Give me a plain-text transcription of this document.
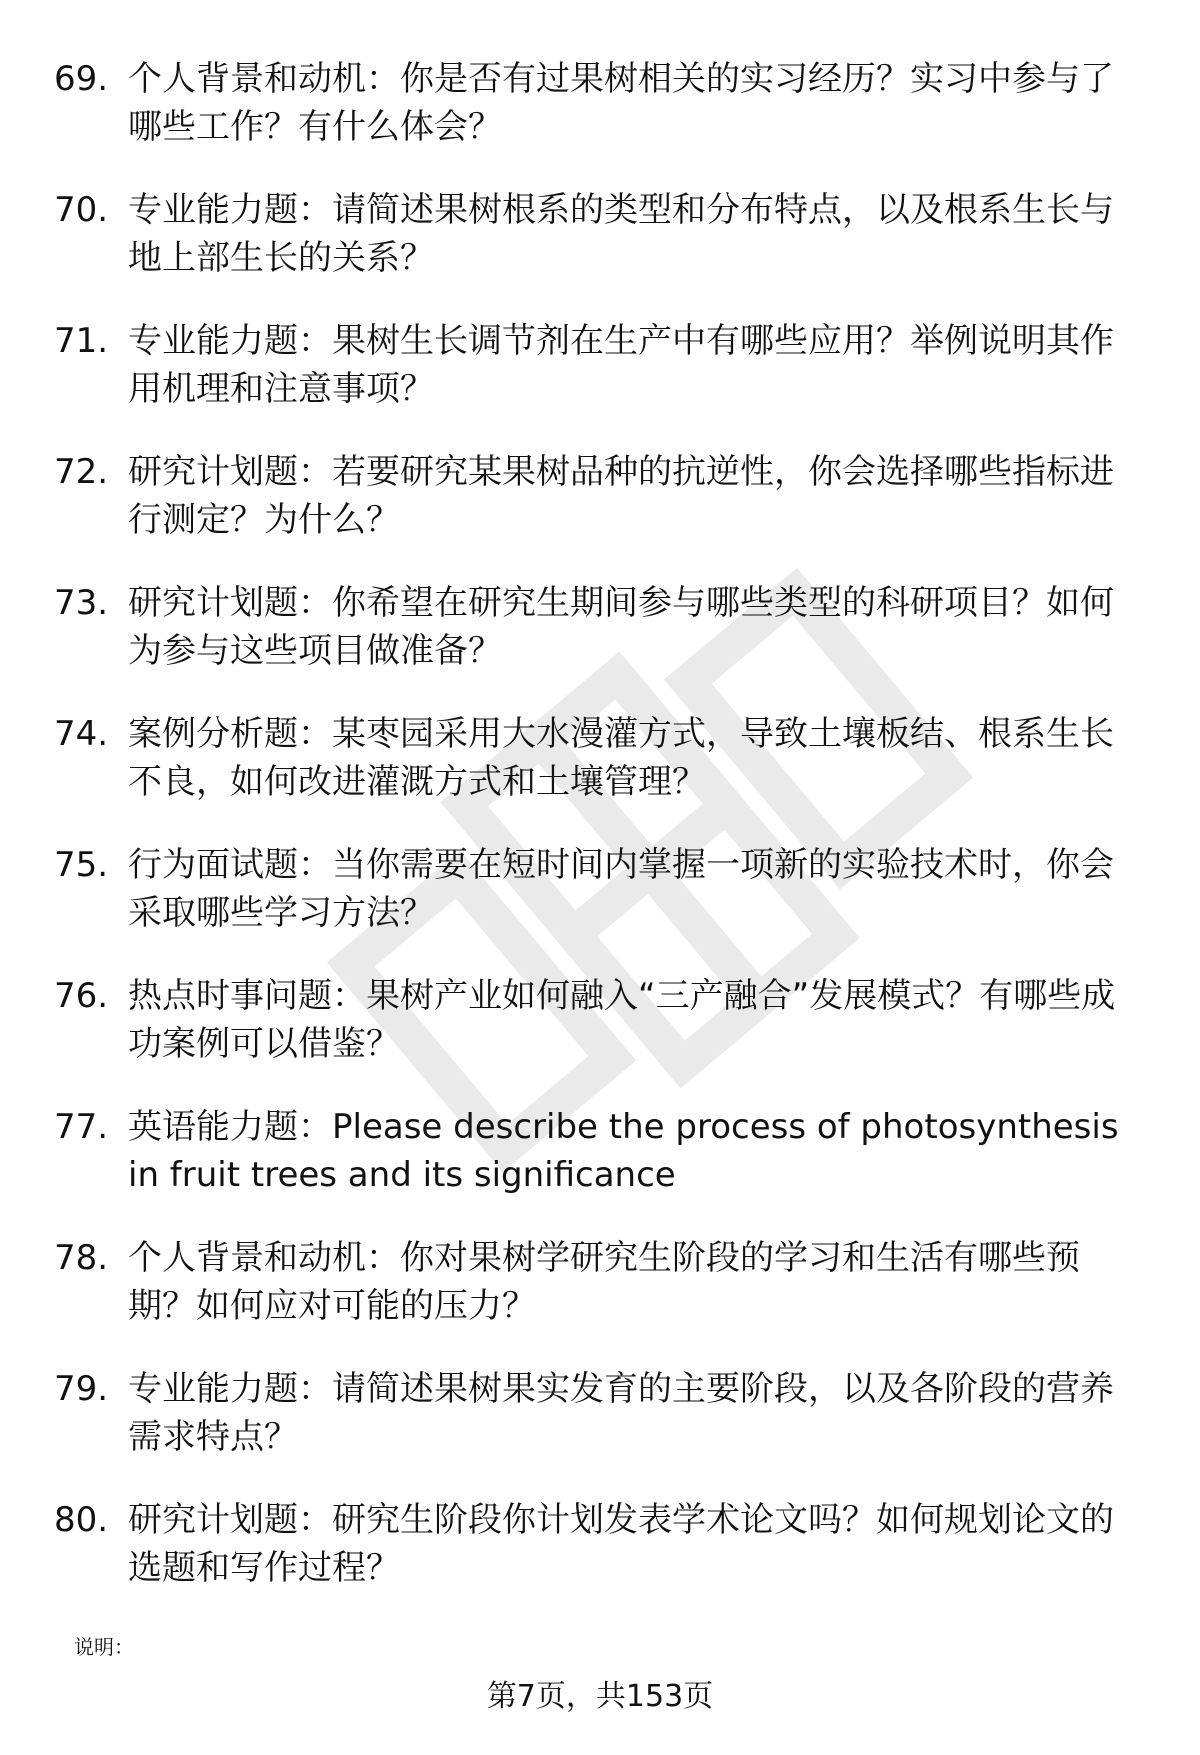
69. 个人背景和动机：你是否有过果树相关的实习经历？实习中参与了哪些工作？有什么体会？
70. 专业能力题：请简述果树根系的类型和分布特点，以及根系生长与地上部生长的关系？
71. 专业能力题：果树生长调节剂在生产中有哪些应用？举例说明其作用机理和注意事项？
72. 研究计划题：若要研究某果树品种的抗逆性，你会选择哪些指标进行测定？为什么？
73. 研究计划题：你希望在研究生期间参与哪些类型的科研项目？如何为参与这些项目做准备？
74. 案例分析题：某枣园采用大水漫灌方式，导致土壤板结、根系生长不良，如何改进灌溉方式和土壤管理？
75. 行为面试题：当你需要在短时间内掌握一项新的实验技术时，你会采取哪些学习方法？
76. 热点时事问题：果树产业如何融入“三产融合”发展模式？有哪些成功案例可以借鉴？
77. 英语能力题：Please describe the process of photosynthesis in fruit trees and its significance
78. 个人背景和动机：你对果树学研究生阶段的学习和生活有哪些预期？如何应对可能的压力？
79. 专业能力题：请简述果树果实发育的主要阶段，以及各阶段的营养需求特点？
80. 研究计划题：研究生阶段你计划发表学术论文吗？如何规划论文的选题和写作过程？
说明：
第7页，共153页
